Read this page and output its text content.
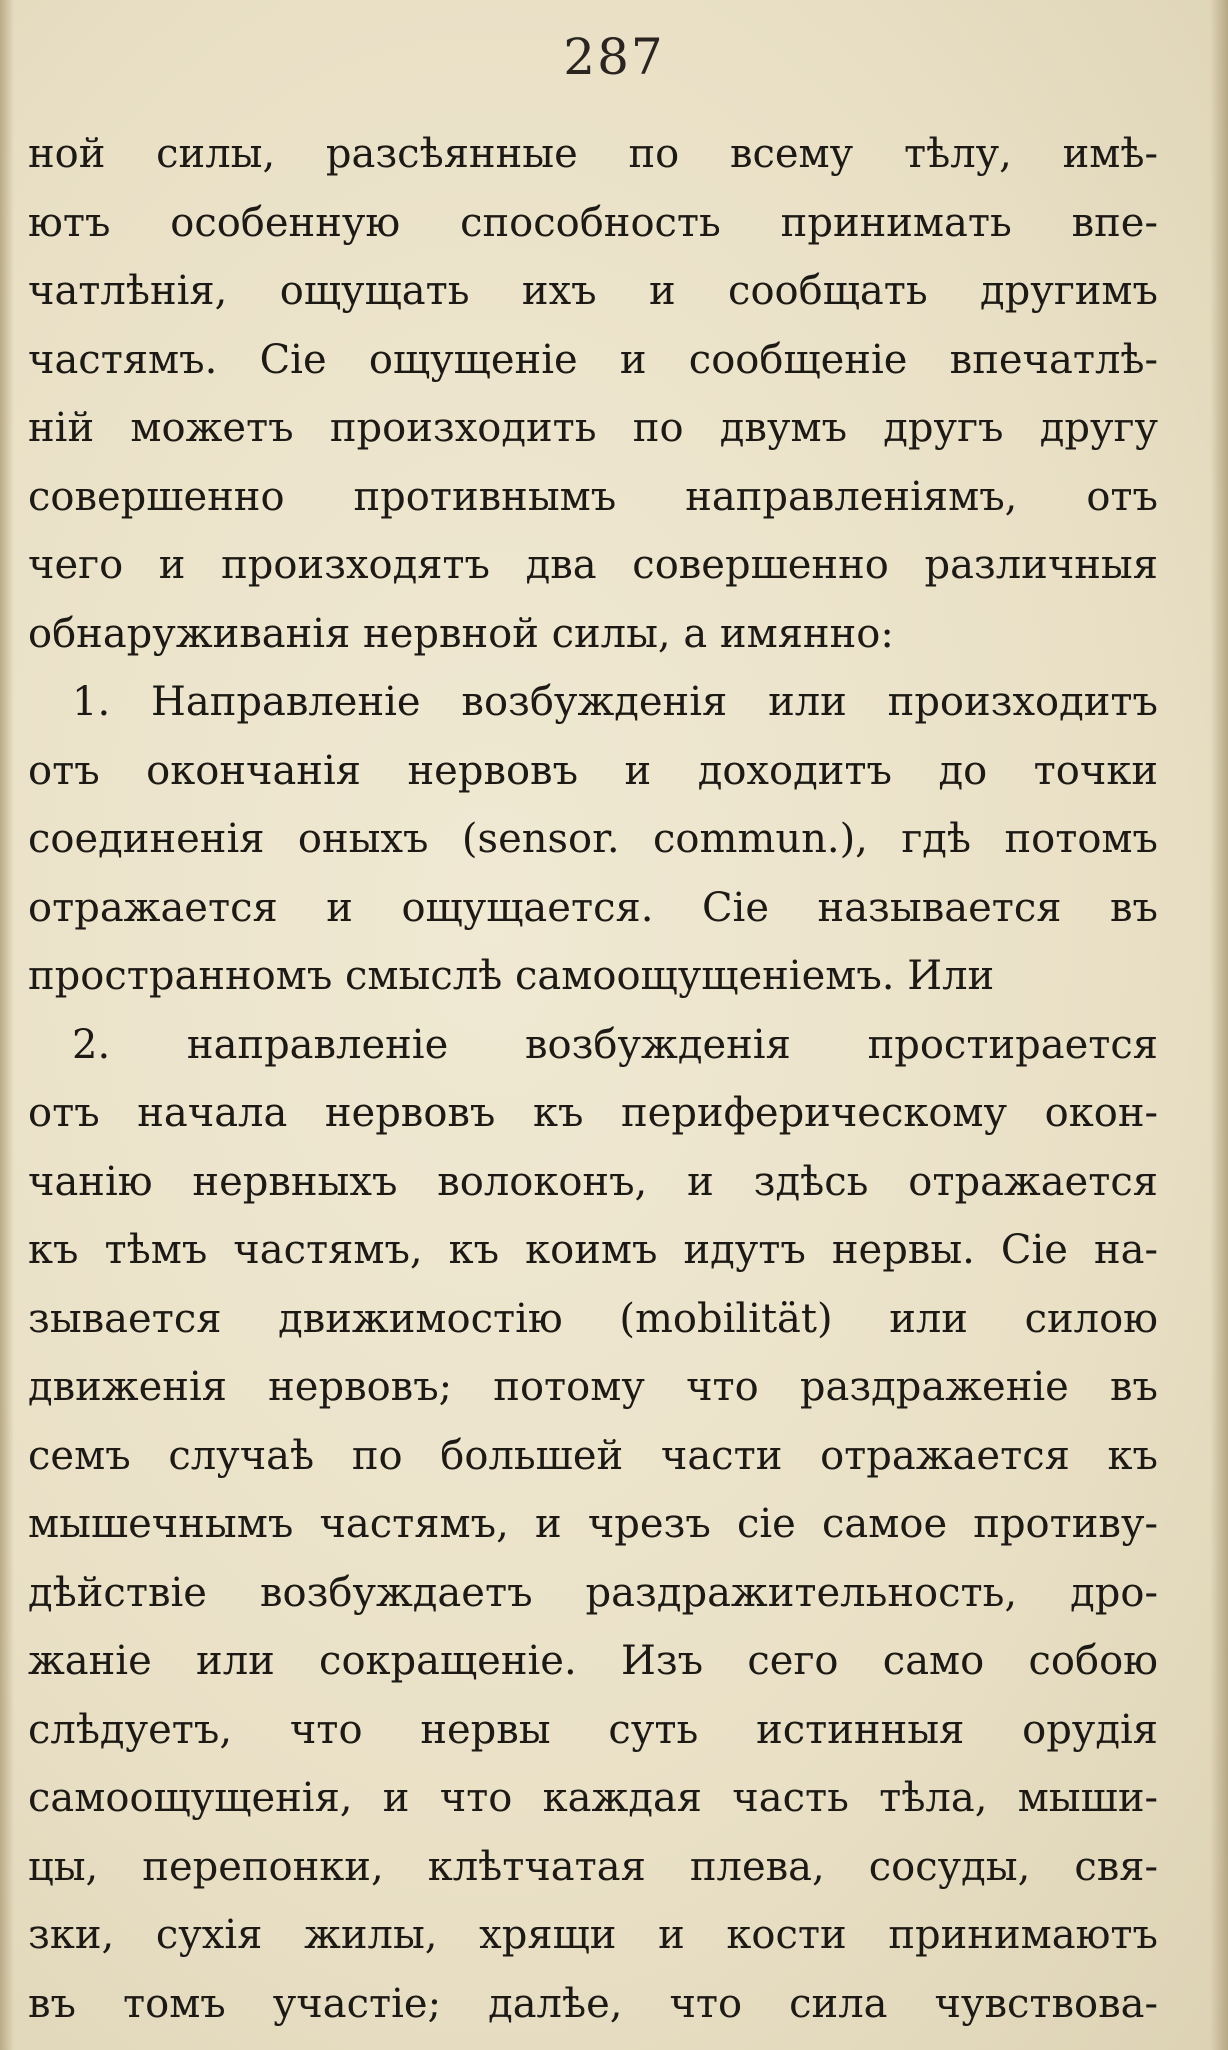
287
ной силы, разсѣянные по всему тѣлу, имѣ-
ютъ особенную способность принимать впе-
чатлѣнія, ощущать ихъ и сообщать другимъ
частямъ. Сіе ощущеніе и сообщеніе впечатлѣ-
ній можетъ произходить по двумъ другъ другу
совершенно противнымъ направленіямъ, отъ
чего и произходятъ два совершенно различныя
обнаруживанія нервной силы, а имянно:
1. Направленіе возбужденія или произходитъ
отъ окончанія нервовъ и доходитъ до точки
соединенія оныхъ (sensor. commun.), гдѣ потомъ
отражается и ощущается. Сіе называется въ
пространномъ смыслѣ самоощущеніемъ. Или
2. направленіе возбужденія простирается
отъ начала нервовъ къ периферическому окон-
чанію нервныхъ волоконъ, и здѣсь отражается
къ тѣмъ частямъ, къ коимъ идутъ нервы. Сіе на-
зывается движимостію (mobilität) или силою
движенія нервовъ; потому что раздраженіе въ
семъ случаѣ по большей части отражается къ
мышечнымъ частямъ, и чрезъ сіе самое противу-
дѣйствіе возбуждаетъ раздражительность, дро-
жаніе или сокращеніе. Изъ сего само собою
слѣдуетъ, что нервы суть истинныя орудія
самоощущенія, и что каждая часть тѣла, мыши-
цы, перепонки, клѣтчатая плева, сосуды, свя-
зки, сухія жилы, хрящи и кости принимаютъ
въ томъ участіе; далѣе, что сила чувствова-
